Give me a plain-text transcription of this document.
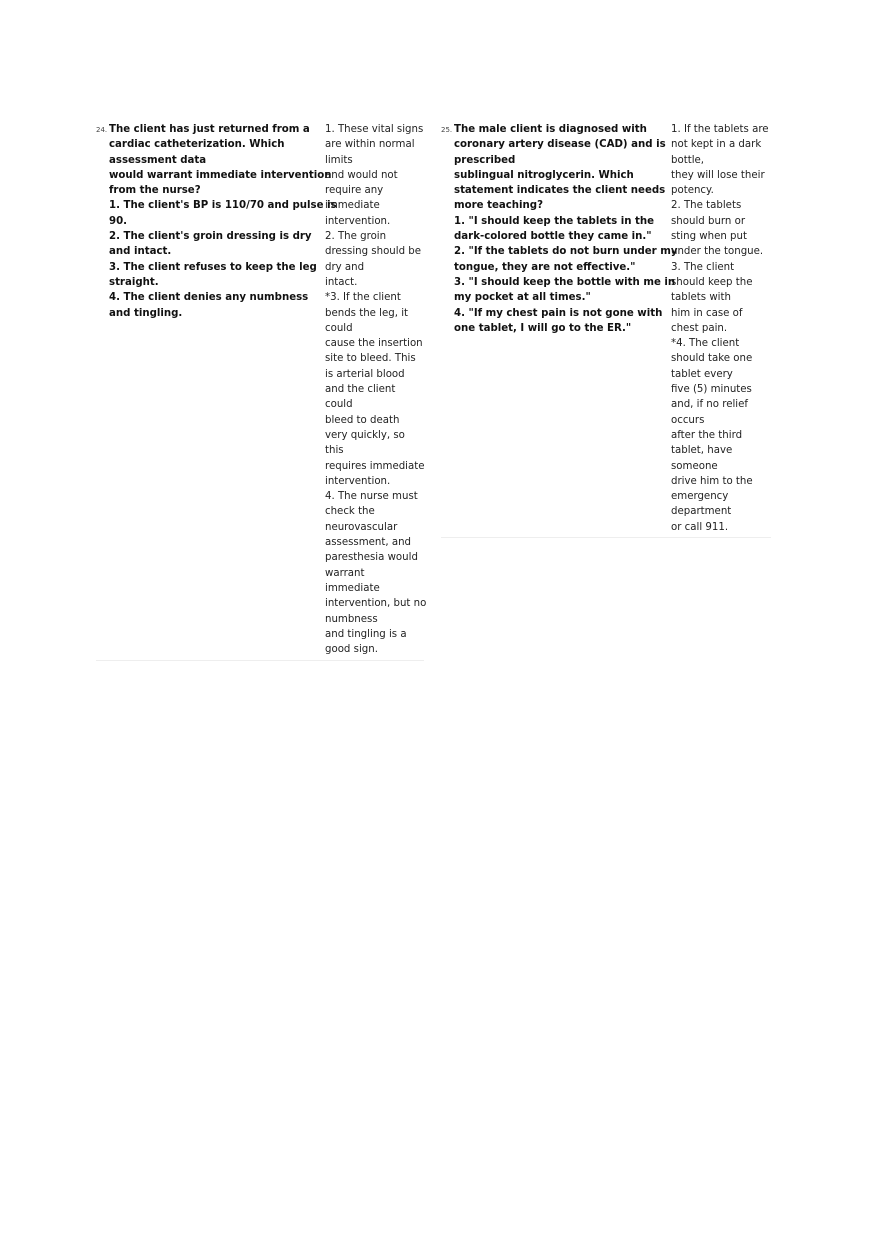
24. The client has just returned from a
cardiac catheterization. Which
assessment data
would warrant immediate intervention
from the nurse?
1. The client's BP is 110/70 and pulse is
90.
2. The client's groin dressing is dry
and intact.
3. The client refuses to keep the leg
straight.
4. The client denies any numbness
and tingling.
1. These vital signs
are within normal
limits
and would not
require any
immediate
intervention.
2. The groin
dressing should be
dry and
intact.
*3. If the client
bends the leg, it
could
cause the insertion
site to bleed. This
is arterial blood
and the client
could
bleed to death
very quickly, so
this
requires immediate
intervention.
4. The nurse must
check the
neurovascular
assessment, and
paresthesia would
warrant
immediate
intervention, but no
numbness
and tingling is a
good sign.
25. The male client is diagnosed with
coronary artery disease (CAD) and is
prescribed
sublingual nitroglycerin. Which
statement indicates the client needs
more teaching?
1. "I should keep the tablets in the
dark-colored bottle they came in."
2. "If the tablets do not burn under my
tongue, they are not effective."
3. "I should keep the bottle with me in
my pocket at all times."
4. "If my chest pain is not gone with
one tablet, I will go to the ER."
1. If the tablets are
not kept in a dark
bottle,
they will lose their
potency.
2. The tablets
should burn or
sting when put
under the tongue.
3. The client
should keep the
tablets with
him in case of
chest pain.
*4. The client
should take one
tablet every
five (5) minutes
and, if no relief
occurs
after the third
tablet, have
someone
drive him to the
emergency
department
or call 911.
